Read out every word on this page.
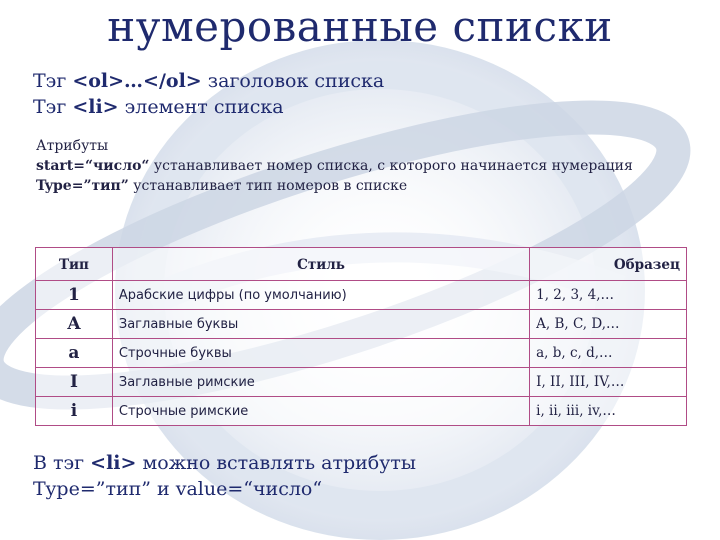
нумерованные списки
Тэг <ol>…</ol> заголовок списка
Тэг <li> элемент списка
Атрибуты
start=“число“ устанавливает номер списка, с которого начинается нумерация
Type=”тип” устанавливает тип номеров в списке
Тип	Стиль	Образец
1	Арабские цифры (по умолчанию)	1, 2, 3, 4,…
A	Заглавные буквы	A, B, C, D,…
a	Строчные буквы	a, b, c, d,…
I	Заглавные римские	I, II, III, IV,…
i	Строчные римские	i, ii, iii, iv,…
В тэг <li> можно вставлять атрибуты
Type=”тип” и value=“число“
